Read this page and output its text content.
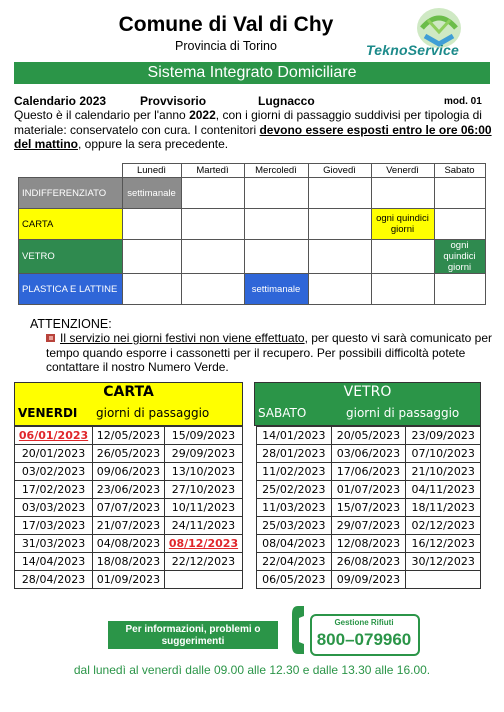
Comune di Val di Chy
Provincia di Torino	TeknoService
Sistema Integrato Domiciliare
Calendario 2023	Provvisorio	Lugnacco	mod. 01
Questo è il calendario per l'anno 2022, con i giorni di passaggio suddivisi per tipologia di materiale: conservatelo con cura. I contenitori devono essere esposti entro le ore 06:00 del mattino, oppure la sera precedente.
	Lunedì	Martedì	Mercoledì	Giovedì	Venerdì	Sabato
INDIFFERENZIATO	settimanale					
CARTA					ogni quindici giorni	
VETRO						ogni quindici giorni
PLASTICA E LATTINE			settimanale			
ATTENZIONE:
Il servizio nei giorni festivi non viene effettuato, per questo vi sarà comunicato per tempo quando esporre i cassonetti per il recupero. Per possibili difficoltà potete contattare il nostro Numero Verde.
CARTA
VENERDI giorni di passaggio
06/01/2023	12/05/2023	15/09/2023
20/01/2023	26/05/2023	29/09/2023
03/02/2023	09/06/2023	13/10/2023
17/02/2023	23/06/2023	27/10/2023
03/03/2023	07/07/2023	10/11/2023
17/03/2023	21/07/2023	24/11/2023
31/03/2023	04/08/2023	08/12/2023
14/04/2023	18/08/2023	22/12/2023
28/04/2023	01/09/2023	
VETRO
SABATO	giorni di passaggio
14/01/2023	20/05/2023	23/09/2023
28/01/2023	03/06/2023	07/10/2023
11/02/2023	17/06/2023	21/10/2023
25/02/2023	01/07/2023	04/11/2023
11/03/2023	15/07/2023	18/11/2023
25/03/2023	29/07/2023	02/12/2023
08/04/2023	12/08/2023	16/12/2023
22/04/2023	26/08/2023	30/12/2023
06/05/2023	09/09/2023	
Per informazioni, problemi o suggerimenti
Gestione Rifiuti
800–079960
dal lunedì al venerdì dalle 09.00 alle 12.30 e dalle 13.30 alle 16.00.
